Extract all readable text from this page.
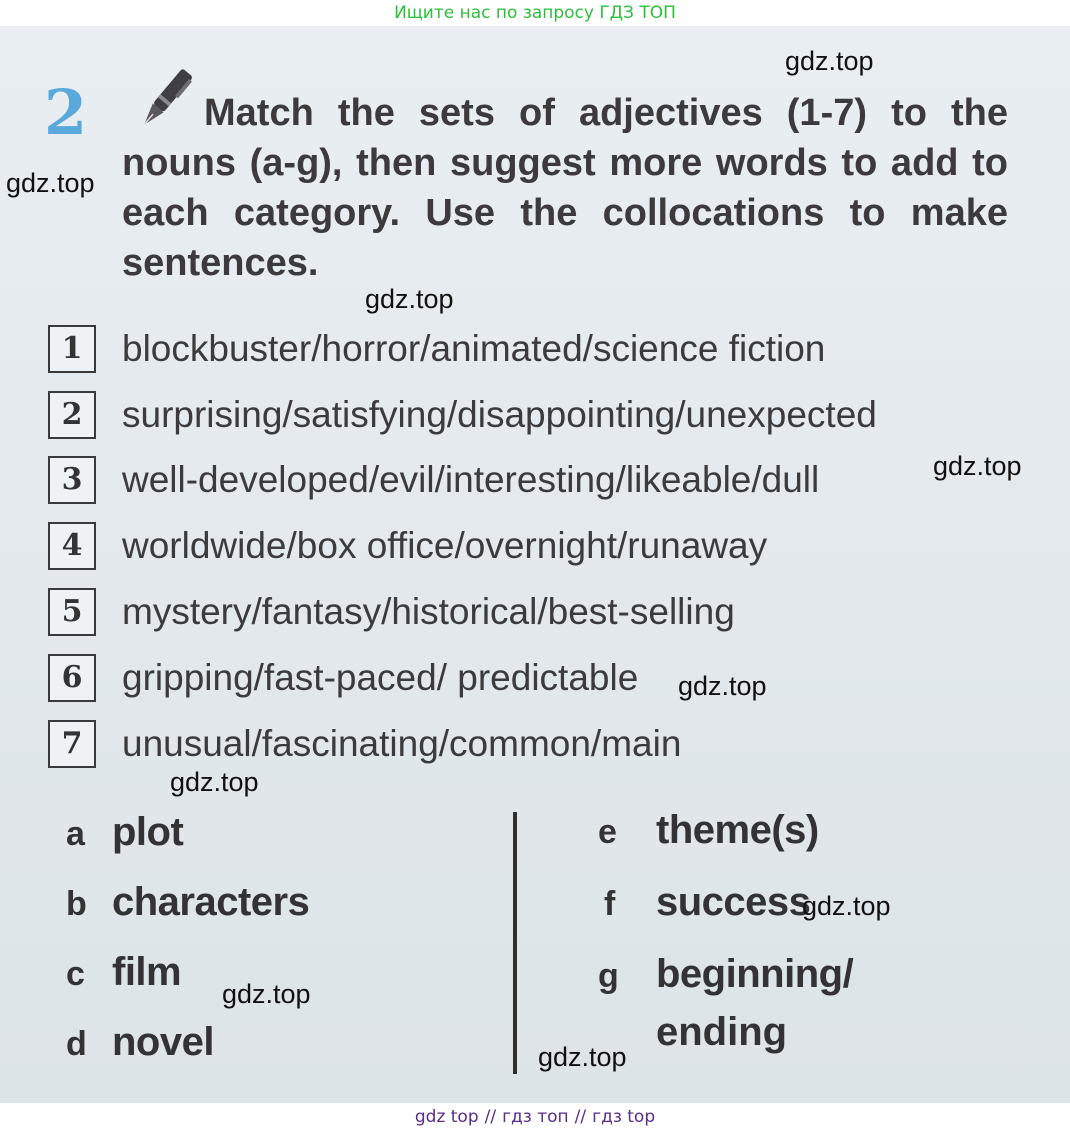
Ищите нас по запросу ГДЗ ТОП
2	Match the sets of adjectives (1-7) to the nouns (a-g), then suggest more words to add to each category. Use the collocations to make sentences.
1	blockbuster/horror/animated/science fiction
2	surprising/satisfying/disappointing/unexpected
3	well-developed/evil/interesting/likeable/dull
4	worldwide/box office/overnight/runaway
5	mystery/fantasy/historical/best-selling
6	gripping/fast-paced/ predictable
7	unusual/fascinating/common/main
a plot
b characters
c film
d novel
e theme(s)
f success
g beginning/
ending
gdz.top
gdz.top
gdz.top
gdz.top
gdz.top
gdz.top
gdz.top
gdz.top
gdz.top
gdz top // гдз топ // гдз top
